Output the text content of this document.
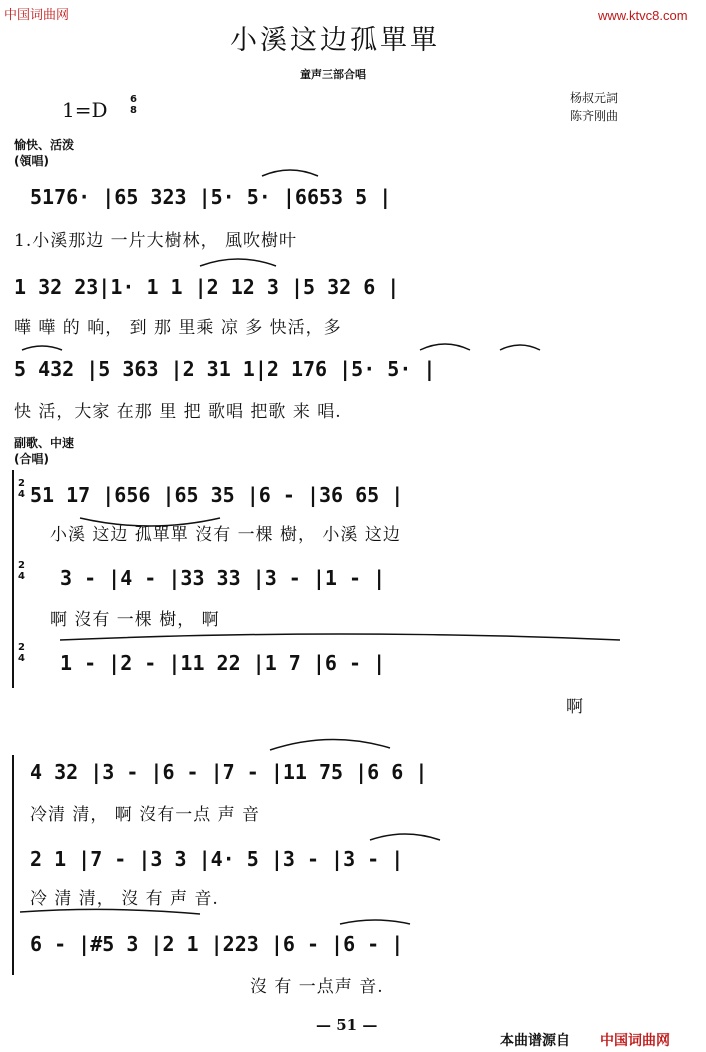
中国词曲网	www.ktvc8.com
小溪这边孤單單
童声三部合唱
杨叔元詞
陈齐刚曲
1=D 6
8
愉快、活泼
(領唱)
5176· |65 323 |5· 5· |6653 5 |
1.小溪那边 一片大樹林， 風吹樹叶
1 32 23|1· 1 1 |2 12 3 |5 32 6 |
嘩 嘩 的 响， 到 那 里乘 凉 多 快活，多
5 432 |5 363 |2 31 1|2 176 |5· 5· |
快 活，大家 在那 里 把 歌唱 把歌 来 唱.
副歌、中速
(合唱)
2
4
2
4
2
4
51 17 |656 |65 35 |6 - |36 65 |
小溪 这边 孤單單 沒有 一棵 樹， 小溪 这边
3 - |4 - |33 33 |3 - |1 - |
啊 沒有 一棵 樹， 啊
1 - |2 - |11 22 |1 7 |6 - |
啊
4 32 |3 - |6 - |7 - |11 75 |6 6 |
冷清 清， 啊 沒有一点 声 音
2 1 |7 - |3 3 |4· 5 |3 - |3 - |
冷 清 清， 沒 有 声 音.
6 - |#5 3 |2 1 |223 |6 - |6 - |
沒 有 一点声 音.
— 51 —
本曲谱源自 中国词曲网
